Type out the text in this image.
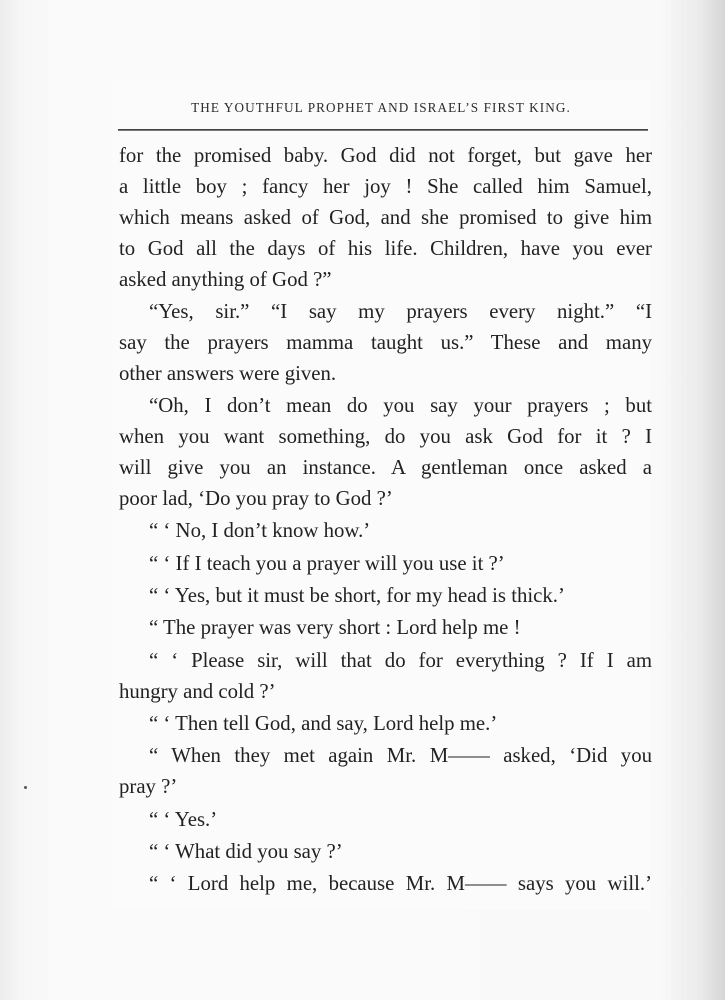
THE YOUTHFUL PROPHET AND ISRAEL’S FIRST KING.
for the promised baby. God did not forget, but gave her
a little boy ; fancy her joy ! She called him Samuel,
which means asked of God, and she promised to give him
to God all the days of his life. Children, have you ever
asked anything of God ?”
“Yes, sir.” “I say my prayers every night.” “I
say the prayers mamma taught us.” These and many
other answers were given.
“Oh, I don’t mean do you say your prayers ; but
when you want something, do you ask God for it ? I
will give you an instance. A gentleman once asked a
poor lad, ‘Do you pray to God ?’
“ ‘ No, I don’t know how.’
“ ‘ If I teach you a prayer will you use it ?’
“ ‘ Yes, but it must be short, for my head is thick.’
“ The prayer was very short : Lord help me !
“ ‘ Please sir, will that do for everything ? If I am
hungry and cold ?’
“ ‘ Then tell God, and say, Lord help me.’
“ When they met again Mr. M—— asked, ‘Did you
pray ?’
“ ‘ Yes.’
“ ‘ What did you say ?’
“ ‘ Lord help me, because Mr. M—— says you will.’
